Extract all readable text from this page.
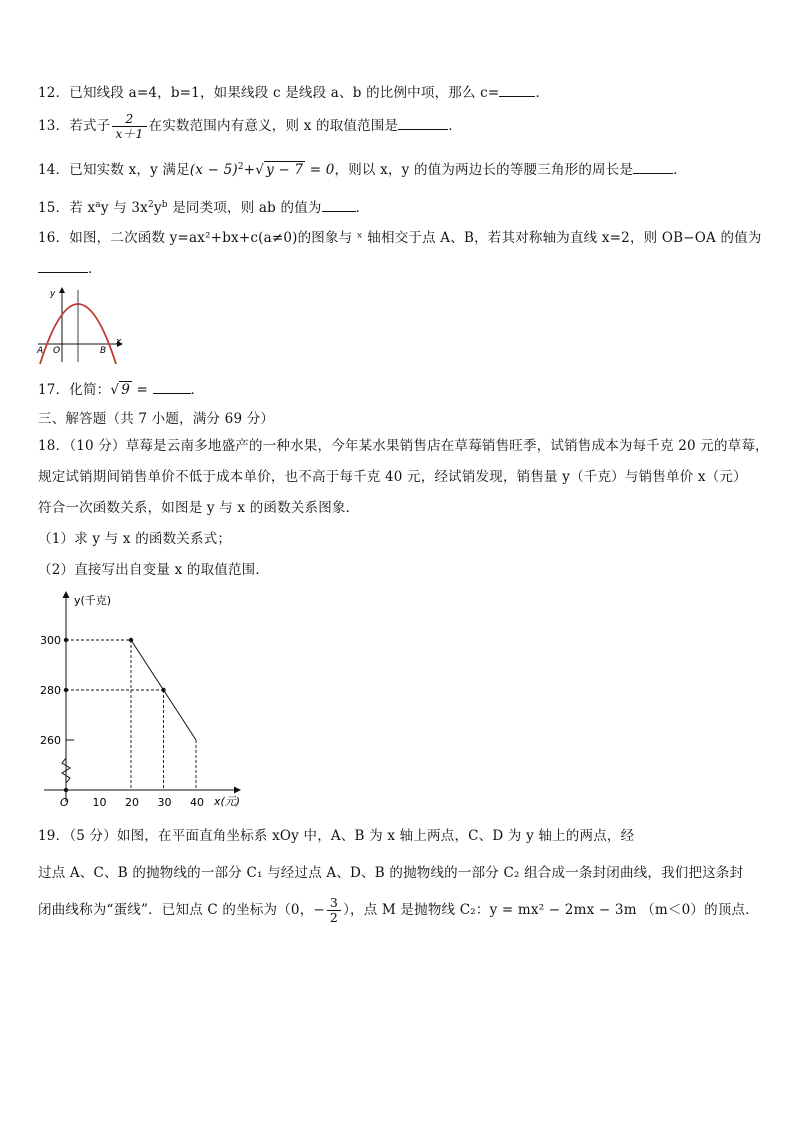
12．已知线段 a=4，b=1，如果线段 c 是线段 a、b 的比例中项，那么 c=	．
13．若式子 $\frac{2}{x+1}$ 在实数范围内有意义，则 x 的取值范围是	．
14．已知实数 x，y 满足$(x - 5)^2+√$ y − 7 = 0，则以 x，y 的值为两边长的等腰三角形的周长是	．
15．若 $x^ay$ 与 $3x^2y^b$ 是同类项，则 ab 的值为	．
16．如图，二次函数 y=ax²+bx+c(a≠0)的图象与 ˣ 轴相交于点 A、B，若其对称轴为直线 x=2，则 OB−OA 的值为
．
y
x
O
A	B
17．化简：√ 9 =	．
三、解答题（共 7 小题，满分 69 分）
18．（10 分）草莓是云南多地盛产的一种水果，今年某水果销售店在草莓销售旺季，试销售成本为每千克 20 元的草莓，
规定试销期间销售单价不低于成本单价，也不高于每千克 40 元，经试销发现，销售量 y（千克）与销售单价 x（元）
符合一次函数关系，如图是 y 与 x 的函数关系图象．
（1）求 y 与 x 的函数关系式；
（2）直接写出自变量 x 的取值范围．
y(千克)
x(元)
O 10 20 30 40
300
280
260
19．（5 分）如图，在平面直角坐标系 xOy 中，A、B 为 x 轴上两点，C、D 为 y 轴上的两点，经
过点 A、C、B 的抛物线的一部分 C₁ 与经过点 A、D、B 的抛物线的一部分 C₂ 组合成一条封闭曲线，我们把这条封
闭曲线称为“蛋线”．已知点 C 的坐标为（0，− $\frac{3}{2}$ ），点 M 是抛物线 C₂：y = mx² − 2mx − 3m （m＜0）的顶点．
